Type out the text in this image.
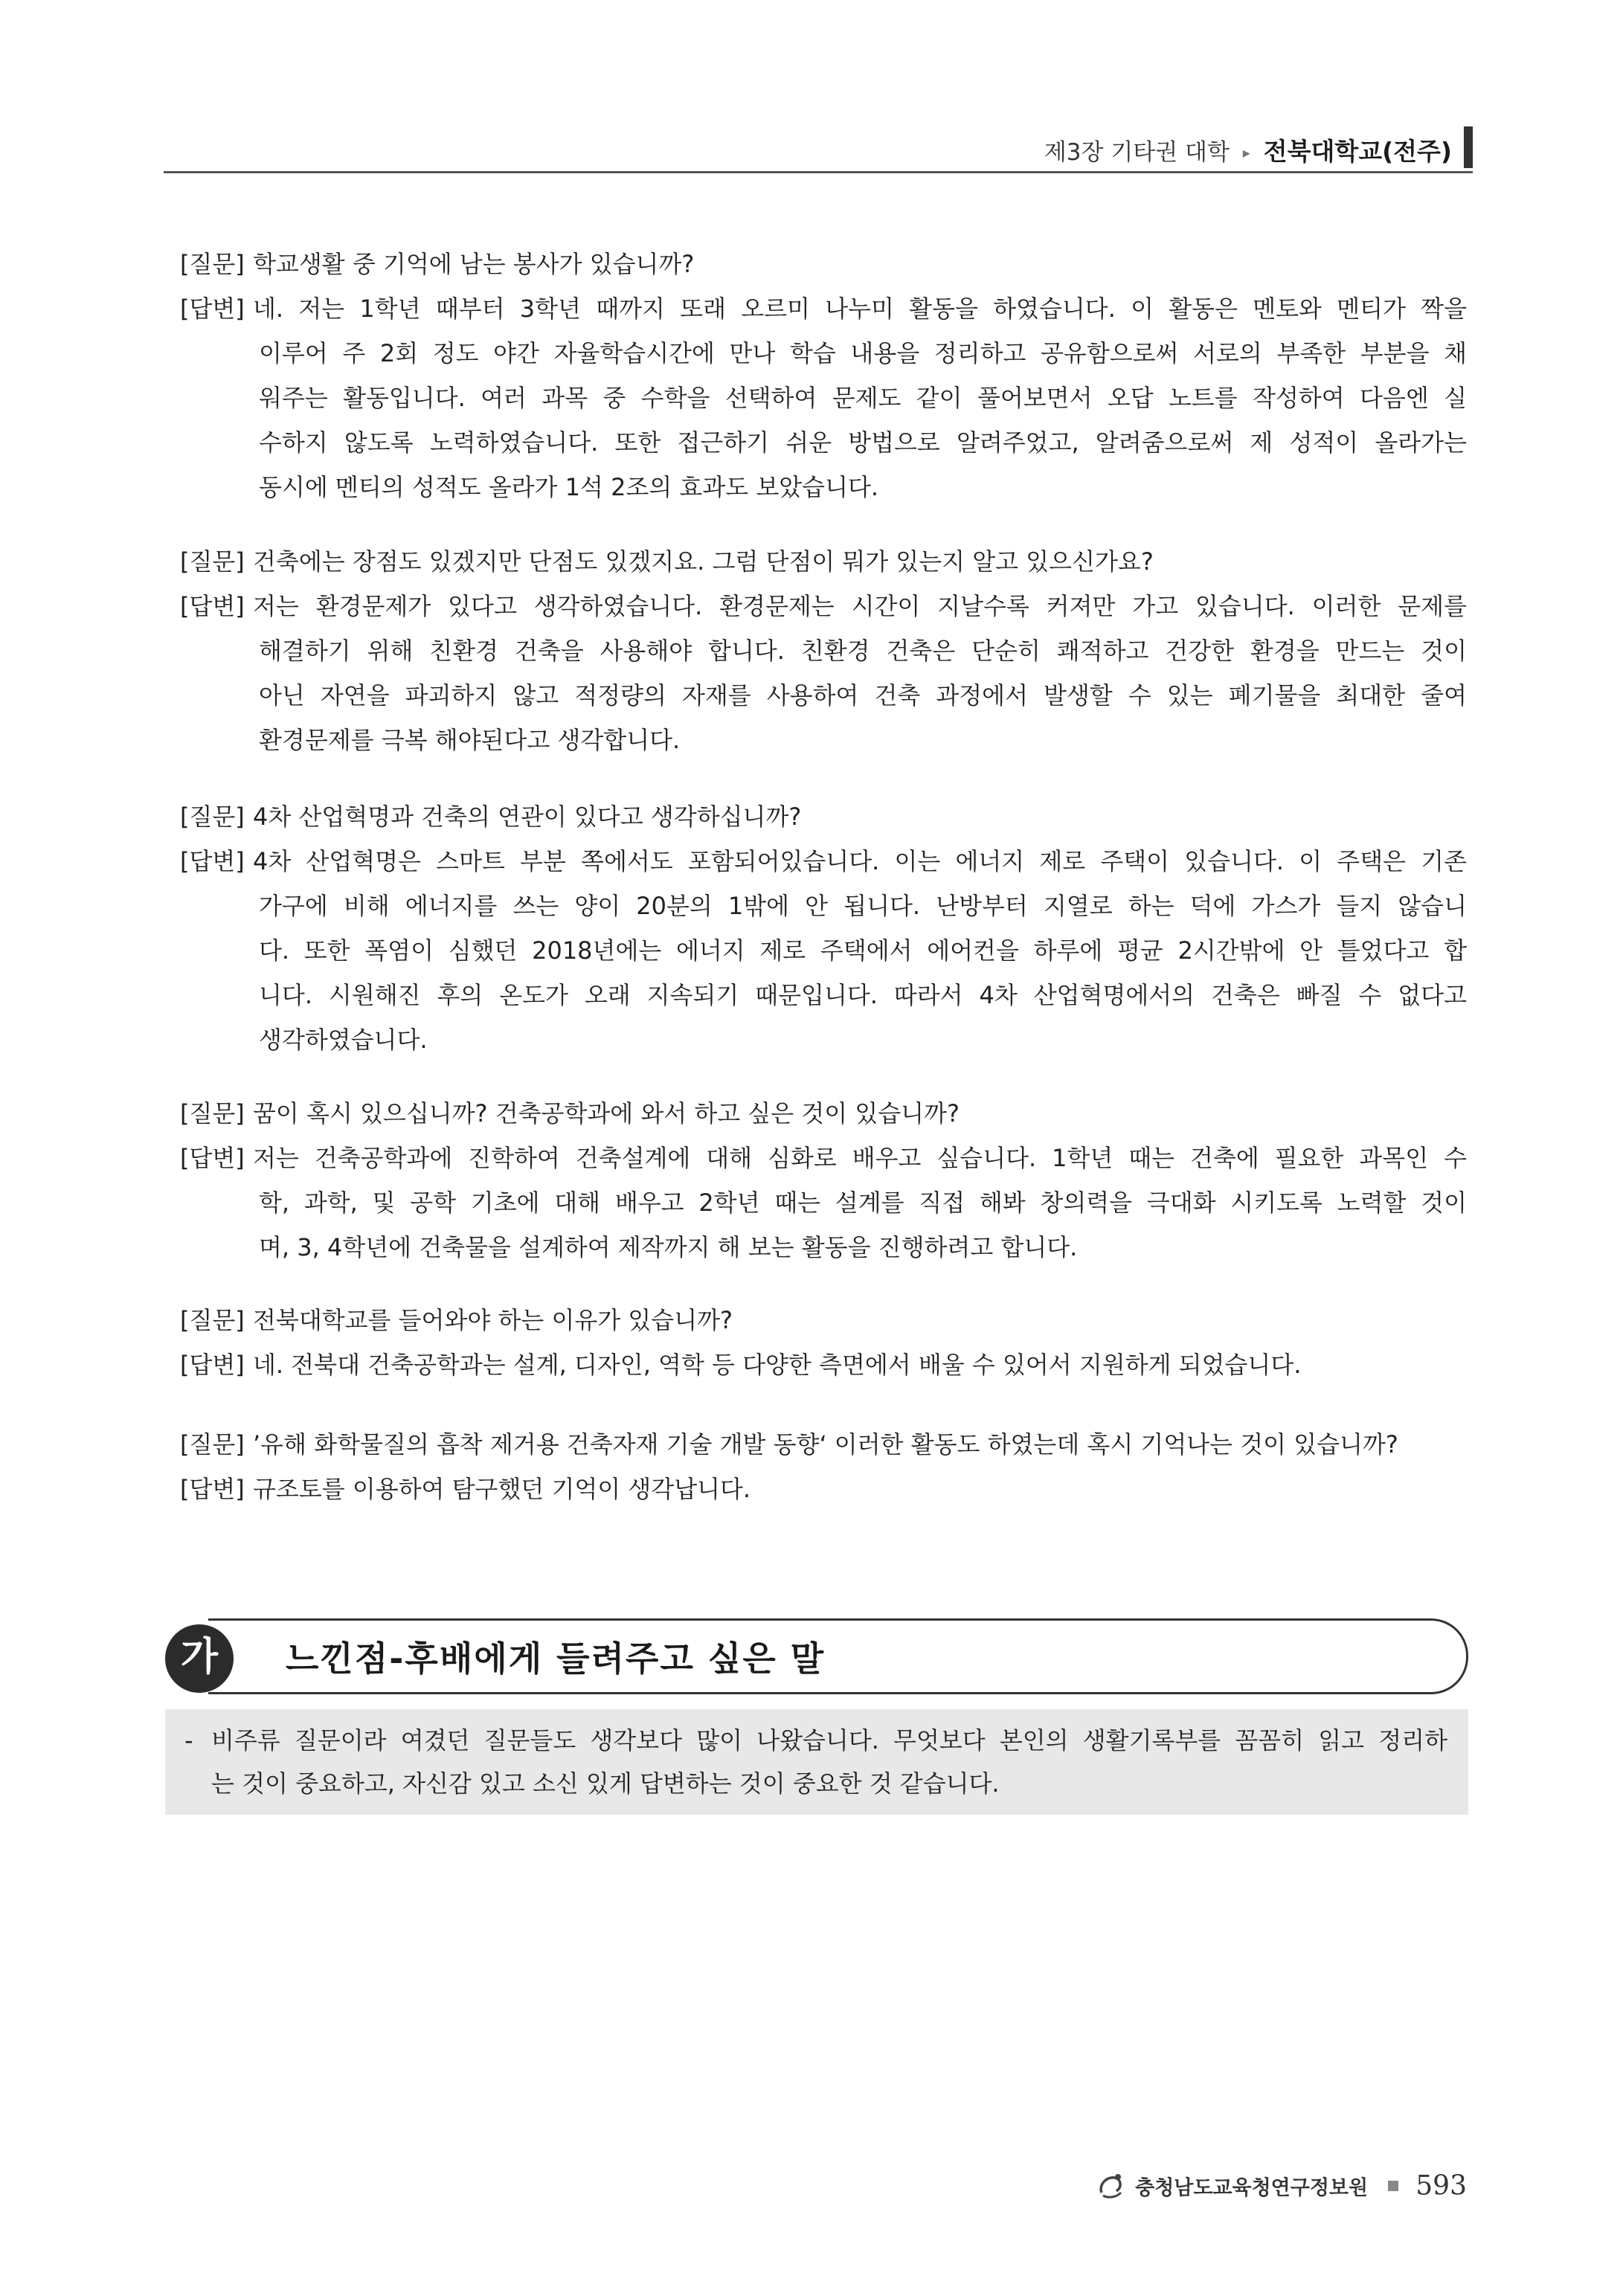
제3장 기타권 대학 ▸ 전북대학교(전주)
[질문] 학교생활 중 기억에 남는 봉사가 있습니까?
[답변] 네. 저는 1학년 때부터 3학년 때까지 또래 오르미 나누미 활동을 하였습니다. 이 활동은 멘토와 멘티가 짝을
이루어 주 2회 정도 야간 자율학습시간에 만나 학습 내용을 정리하고 공유함으로써 서로의 부족한 부분을 채
워주는 활동입니다. 여러 과목 중 수학을 선택하여 문제도 같이 풀어보면서 오답 노트를 작성하여 다음엔 실
수하지 않도록 노력하였습니다. 또한 접근하기 쉬운 방법으로 알려주었고, 알려줌으로써 제 성적이 올라가는
동시에 멘티의 성적도 올라가 1석 2조의 효과도 보았습니다.
[질문] 건축에는 장점도 있겠지만 단점도 있겠지요. 그럼 단점이 뭐가 있는지 알고 있으신가요?
[답변] 저는 환경문제가 있다고 생각하였습니다. 환경문제는 시간이 지날수록 커져만 가고 있습니다. 이러한 문제를
해결하기 위해 친환경 건축을 사용해야 합니다. 친환경 건축은 단순히 쾌적하고 건강한 환경을 만드는 것이
아닌 자연을 파괴하지 않고 적정량의 자재를 사용하여 건축 과정에서 발생할 수 있는 폐기물을 최대한 줄여
환경문제를 극복 해야된다고 생각합니다.
[질문] 4차 산업혁명과 건축의 연관이 있다고 생각하십니까?
[답변] 4차 산업혁명은 스마트 부분 쪽에서도 포함되어있습니다. 이는 에너지 제로 주택이 있습니다. 이 주택은 기존
가구에 비해 에너지를 쓰는 양이 20분의 1밖에 안 됩니다. 난방부터 지열로 하는 덕에 가스가 들지 않습니
다. 또한 폭염이 심했던 2018년에는 에너지 제로 주택에서 에어컨을 하루에 평균 2시간밖에 안 틀었다고 합
니다. 시원해진 후의 온도가 오래 지속되기 때문입니다. 따라서 4차 산업혁명에서의 건축은 빠질 수 없다고
생각하였습니다.
[질문] 꿈이 혹시 있으십니까? 건축공학과에 와서 하고 싶은 것이 있습니까?
[답변] 저는 건축공학과에 진학하여 건축설계에 대해 심화로 배우고 싶습니다. 1학년 때는 건축에 필요한 과목인 수
학, 과학, 및 공학 기초에 대해 배우고 2학년 때는 설계를 직접 해봐 창의력을 극대화 시키도록 노력할 것이
며, 3, 4학년에 건축물을 설계하여 제작까지 해 보는 활동을 진행하려고 합니다.
[질문] 전북대학교를 들어와야 하는 이유가 있습니까?
[답변] 네. 전북대 건축공학과는 설계, 디자인, 역학 등 다양한 측면에서 배울 수 있어서 지원하게 되었습니다.
[질문] ’유해 화학물질의 흡착 제거용 건축자재 기술 개발 동향‘ 이러한 활동도 하였는데 혹시 기억나는 것이 있습니까?
[답변] 규조토를 이용하여 탐구했던 기억이 생각납니다.
가	느낀점-후배에게 들려주고 싶은 말
- 비주류 질문이라 여겼던 질문들도 생각보다 많이 나왔습니다. 무엇보다 본인의 생활기록부를 꼼꼼히 읽고 정리하
는 것이 중요하고, 자신감 있고 소신 있게 답변하는 것이 중요한 것 같습니다.
충청남도교육청연구정보원 593
